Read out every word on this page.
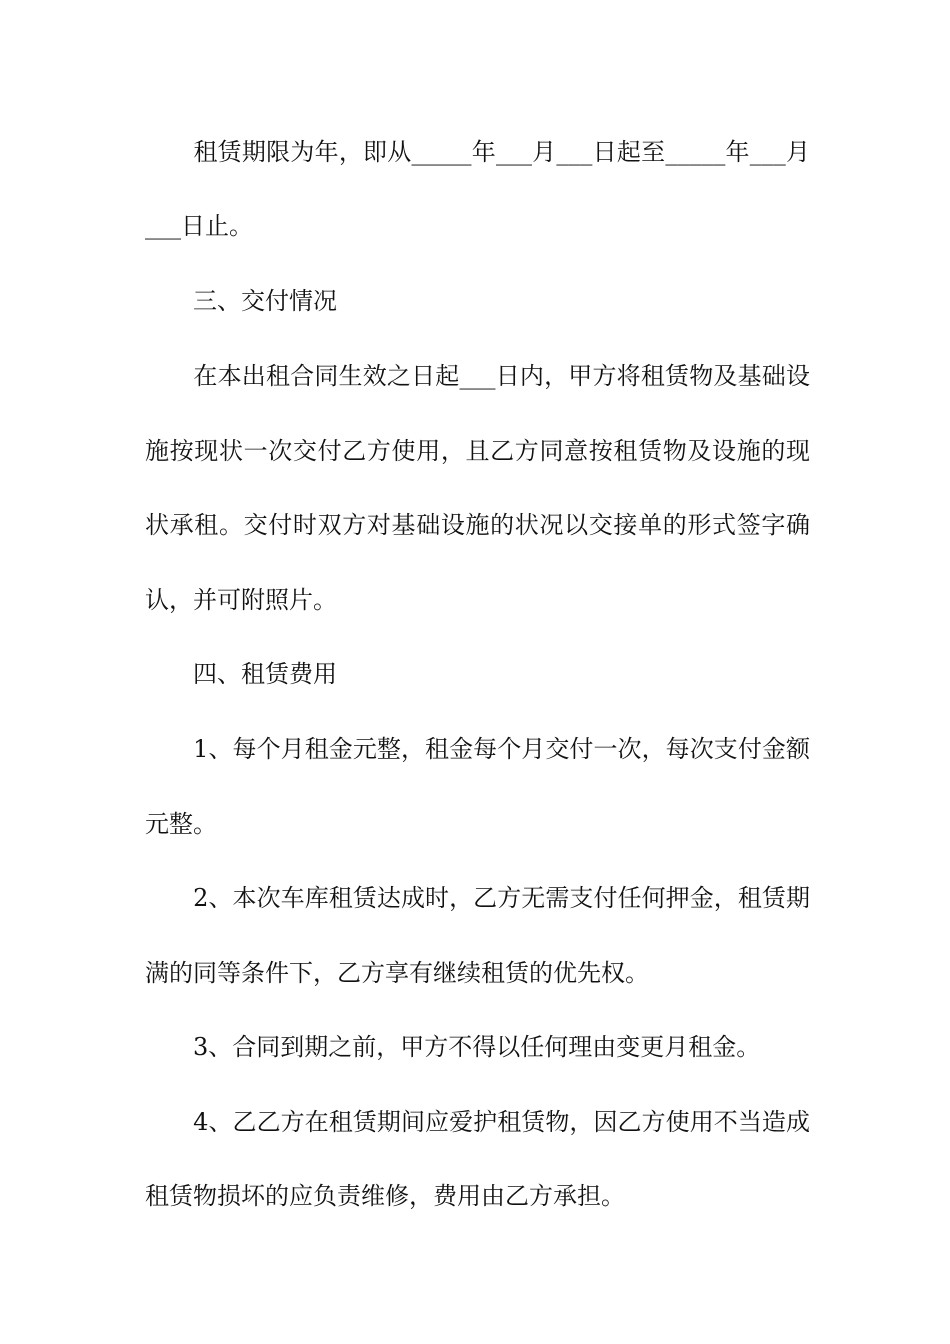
　　租赁期限为年，即从_____年___月___日起至_____年___月
___日止。
　　三、交付情况
　　在本出租合同生效之日起___日内，甲方将租赁物及基础设
施按现状一次交付乙方使用，且乙方同意按租赁物及设施的现
状承租。交付时双方对基础设施的状况以交接单的形式签字确
认，并可附照片。
　　四、租赁费用
　　1、每个月租金元整，租金每个月交付一次，每次支付金额
元整。
　　2、本次车库租赁达成时，乙方无需支付任何押金，租赁期
满的同等条件下，乙方享有继续租赁的优先权。
　　3、合同到期之前，甲方不得以任何理由变更月租金。
　　4、乙乙方在租赁期间应爱护租赁物，因乙方使用不当造成
租赁物损坏的应负责维修，费用由乙方承担。
